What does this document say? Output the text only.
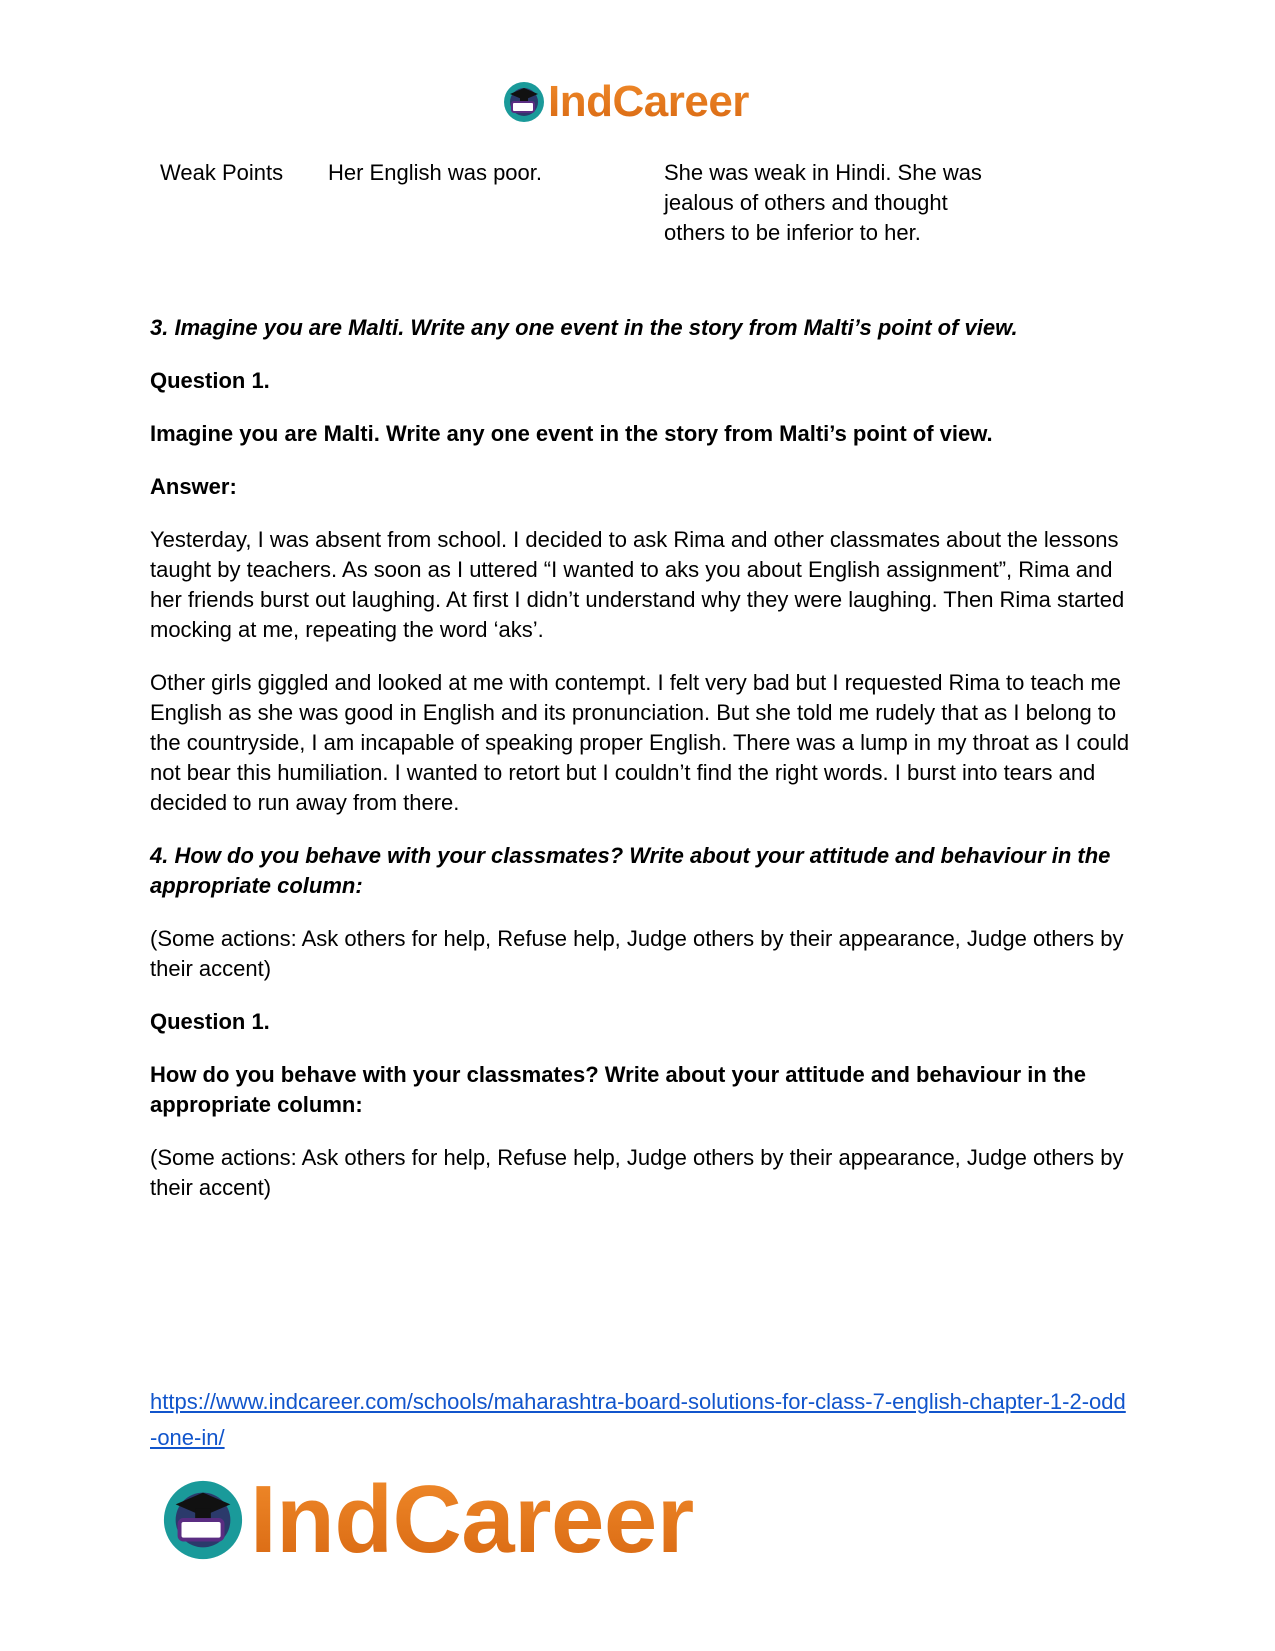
IndCareer
Weak Points	Her English was poor.	She was weak in Hindi. She was jealous of others and thought others to be inferior to her.

3. Imagine you are Malti. Write any one event in the story from Malti’s point of view.

Question 1.

Imagine you are Malti. Write any one event in the story from Malti’s point of view.

Answer:

Yesterday, I was absent from school. I decided to ask Rima and other classmates about the lessons taught by teachers. As soon as I uttered “I wanted to aks you about English assignment”, Rima and her friends burst out laughing. At first I didn’t understand why they were laughing. Then Rima started mocking at me, repeating the word ‘aks’.

Other girls giggled and looked at me with contempt. I felt very bad but I requested Rima to teach me English as she was good in English and its pronunciation. But she told me rudely that as I belong to the countryside, I am incapable of speaking proper English. There was a lump in my throat as I could not bear this humiliation. I wanted to retort but I couldn’t find the right words. I burst into tears and decided to run away from there.

4. How do you behave with your classmates? Write about your attitude and behaviour in the appropriate column:

(Some actions: Ask others for help, Refuse help, Judge others by their appearance, Judge others by their accent)

Question 1.

How do you behave with your classmates? Write about your attitude and behaviour in the appropriate column:

(Some actions: Ask others for help, Refuse help, Judge others by their appearance, Judge others by their accent)

https://www.indcareer.com/schools/maharashtra-board-solutions-for-class-7-english-chapter-1-2-odd-one-in/
IndCareer
